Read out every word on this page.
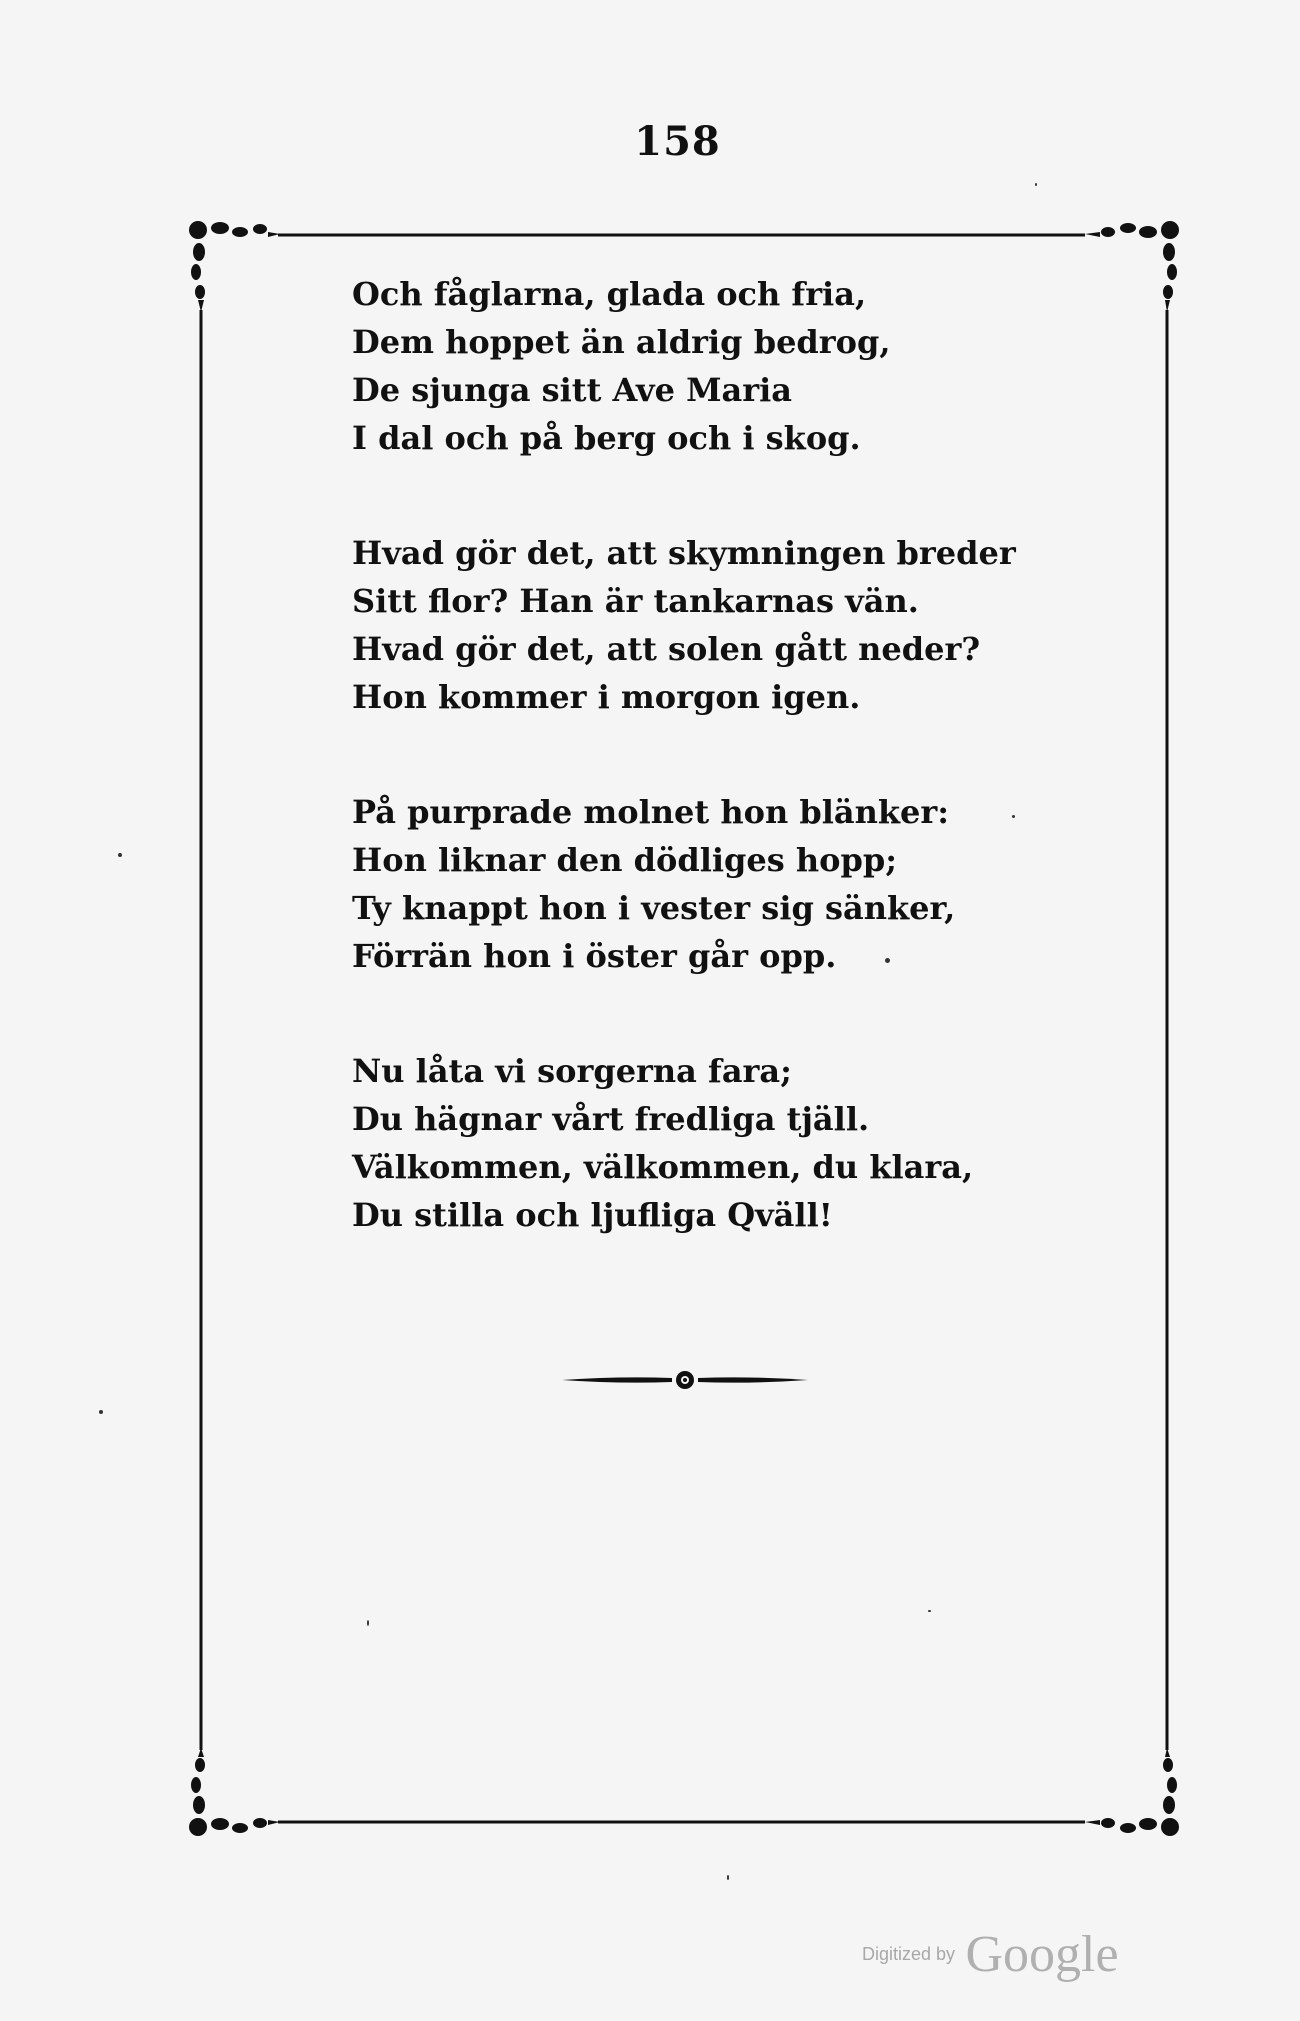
158
Och fåglarna, glada och fria,
Dem hoppet än aldrig bedrog,
De sjunga sitt Ave Maria
I dal och på berg och i skog.
Hvad gör det, att skymningen breder
Sitt flor? Han är tankarnas vän.
Hvad gör det, att solen gått neder?
Hon kommer i morgon igen.
På purprade molnet hon blänker:
Hon liknar den dödliges hopp;
Ty knappt hon i vester sig sänker,
Förrän hon i öster går opp.
Nu låta vi sorgerna fara;
Du hägnar vårt fredliga tjäll.
Välkommen, välkommen, du klara,
Du stilla och ljufliga Qväll!
Digitized by Google
